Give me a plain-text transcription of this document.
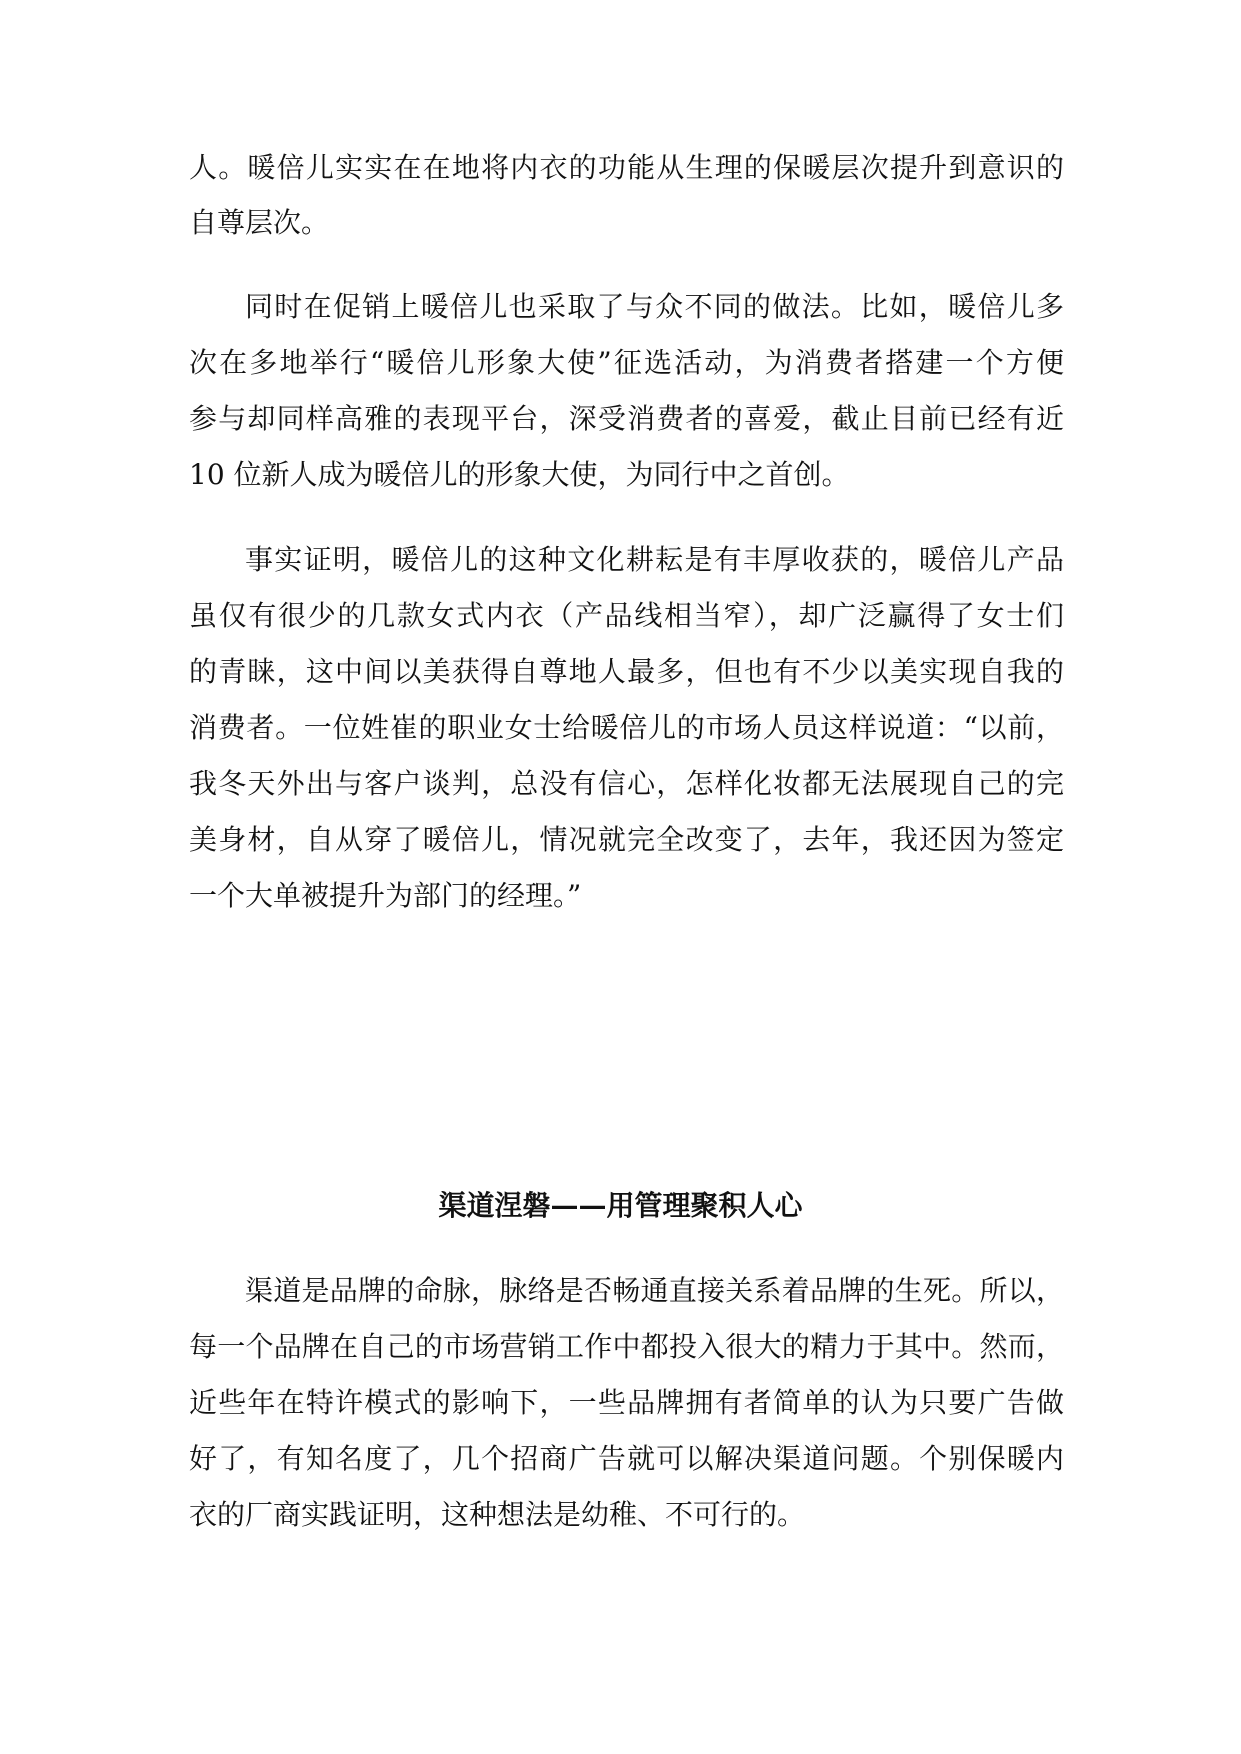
人。暖倍儿实实在在地将内衣的功能从生理的保暖层次提升到意识的
自尊层次。
同时在促销上暖倍儿也采取了与众不同的做法。比如，暖倍儿多
次在多地举行“暖倍儿形象大使”征选活动，为消费者搭建一个方便
参与却同样高雅的表现平台，深受消费者的喜爱，截止目前已经有近
10 位新人成为暖倍儿的形象大使，为同行中之首创。
事实证明，暖倍儿的这种文化耕耘是有丰厚收获的，暖倍儿产品
虽仅有很少的几款女式内衣（产品线相当窄），却广泛赢得了女士们
的青睐，这中间以美获得自尊地人最多，但也有不少以美实现自我的
消费者。一位姓崔的职业女士给暖倍儿的市场人员这样说道：“以前，
我冬天外出与客户谈判，总没有信心，怎样化妆都无法展现自己的完
美身材，自从穿了暖倍儿，情况就完全改变了，去年，我还因为签定
一个大单被提升为部门的经理。”
渠道涅磐——用管理聚积人心
渠道是品牌的命脉，脉络是否畅通直接关系着品牌的生死。所以，
每一个品牌在自己的市场营销工作中都投入很大的精力于其中。然而，
近些年在特许模式的影响下，一些品牌拥有者简单的认为只要广告做
好了，有知名度了，几个招商广告就可以解决渠道问题。个别保暖内
衣的厂商实践证明，这种想法是幼稚、不可行的。
